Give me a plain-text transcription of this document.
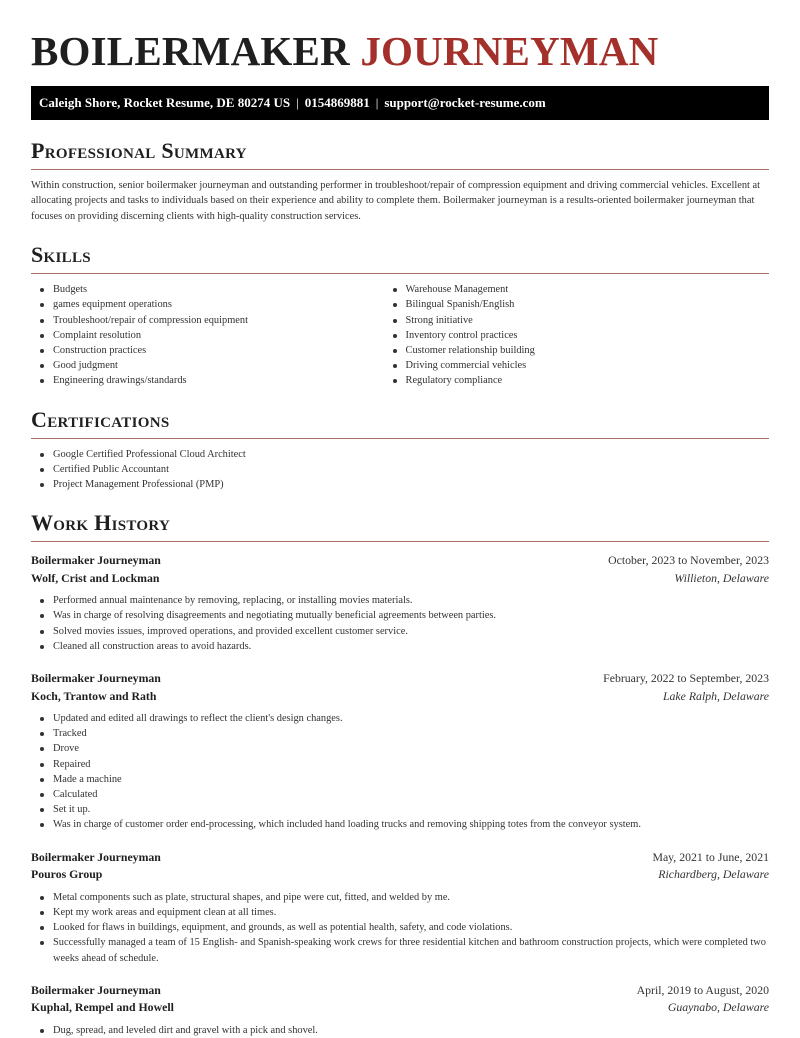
BOILERMAKER JOURNEYMAN
Caleigh Shore, Rocket Resume, DE 80274 US | 0154869881 | support@rocket-resume.com
Professional Summary

Within construction, senior boilermaker journeyman and outstanding performer in troubleshoot/repair of compression equipment and driving commercial vehicles. Excellent at allocating projects and tasks to individuals based on their experience and ability to complete them. Boilermaker journeyman is a results-oriented boilermaker journeyman that focuses on providing discerning clients with high-quality construction services.

Skills
Budgets
games equipment operations
Troubleshoot/repair of compression equipment
Complaint resolution
Construction practices
Good judgment
Engineering drawings/standards
Warehouse Management
Bilingual Spanish/English
Strong initiative
Inventory control practices
Customer relationship building
Driving commercial vehicles
Regulatory compliance
Certifications
Google Certified Professional Cloud Architect
Certified Public Accountant
Project Management Professional (PMP)
Work History
Boilermaker Journeyman	October, 2023 to November, 2023
Wolf, Crist and Lockman	Willieton, Delaware
Performed annual maintenance by removing, replacing, or installing movies materials.
Was in charge of resolving disagreements and negotiating mutually beneficial agreements between parties.
Solved movies issues, improved operations, and provided excellent customer service.
Cleaned all construction areas to avoid hazards.
Boilermaker Journeyman	February, 2022 to September, 2023
Koch, Trantow and Rath	Lake Ralph, Delaware
Updated and edited all drawings to reflect the client's design changes.
Tracked
Drove
Repaired
Made a machine
Calculated
Set it up.
Was in charge of customer order end-processing, which included hand loading trucks and removing shipping totes from the conveyor system.
Boilermaker Journeyman	May, 2021 to June, 2021
Pouros Group	Richardberg, Delaware
Metal components such as plate, structural shapes, and pipe were cut, fitted, and welded by me.
Kept my work areas and equipment clean at all times.
Looked for flaws in buildings, equipment, and grounds, as well as potential health, safety, and code violations.
Successfully managed a team of 15 English- and Spanish-speaking work crews for three residential kitchen and bathroom construction projects, which were completed two weeks ahead of schedule.
Boilermaker Journeyman	April, 2019 to August, 2020
Kuphal, Rempel and Howell	Guaynabo, Delaware
Dug, spread, and leveled dirt and gravel with a pick and shovel.
